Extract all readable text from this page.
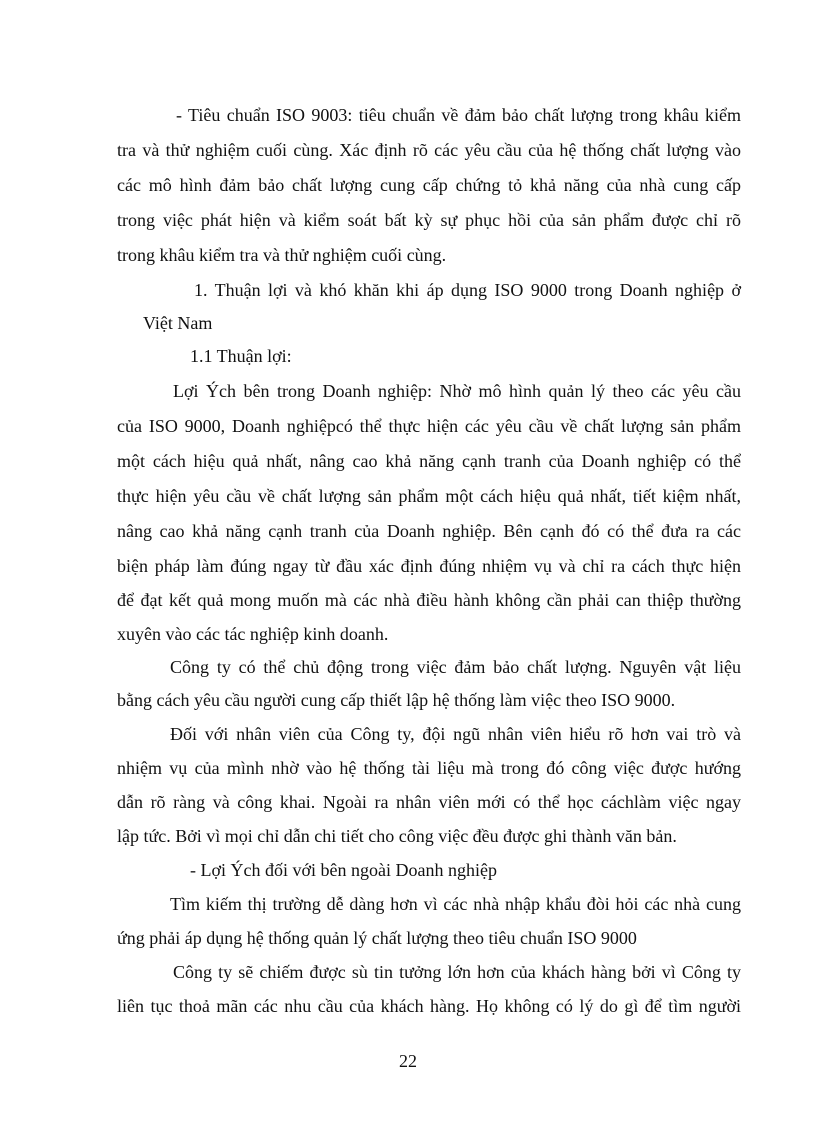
- Tiêu chuẩn ISO 9003: tiêu chuẩn về đảm bảo chất lượng trong khâu kiểm
tra và thử nghiệm cuối cùng. Xác định rõ các yêu cầu của hệ thống chất lượng vào
các mô hình đảm bảo chất lượng cung cấp chứng tỏ khả năng của nhà cung cấp
trong việc phát hiện và kiểm soát bất kỳ sự phục hồi của sản phẩm được chỉ rõ
trong khâu kiểm tra và thử nghiệm cuối cùng.
1. Thuận lợi và khó khăn khi áp dụng ISO 9000 trong Doanh nghiệp ở
Việt Nam
1.1 Thuận lợi:
Lợi Ých bên trong Doanh nghiệp: Nhờ mô hình quản lý theo các yêu cầu
của ISO 9000, Doanh nghiệpcó thể thực hiện các yêu cầu về chất lượng sản phẩm
một cách hiệu quả nhất, nâng cao khả năng cạnh tranh của Doanh nghiệp có thể
thực hiện yêu cầu về chất lượng sản phẩm một cách hiệu quả nhất, tiết kiệm nhất,
nâng cao khả năng cạnh tranh của Doanh nghiệp. Bên cạnh đó có thể đưa ra các
biện pháp làm đúng ngay từ đầu xác định đúng nhiệm vụ và chỉ ra cách thực hiện
để đạt kết quả mong muốn mà các nhà điều hành không cần phải can thiệp thường
xuyên vào các tác nghiệp kinh doanh.
Công ty có thể chủ động trong việc đảm bảo chất lượng. Nguyên vật liệu
bằng cách yêu cầu người cung cấp thiết lập hệ thống làm việc theo ISO 9000.
Đối với nhân viên của Công ty, đội ngũ nhân viên hiểu rõ hơn vai trò và
nhiệm vụ của mình nhờ vào hệ thống tài liệu mà trong đó công việc được hướng
dẫn rõ ràng và công khai. Ngoài ra nhân viên mới có thể học cáchlàm việc ngay
lập tức. Bởi vì mọi chỉ dẫn chi tiết cho công việc đều được ghi thành văn bản.
- Lợi Ých đối với bên ngoài Doanh nghiệp
Tìm kiếm thị trường dễ dàng hơn vì các nhà nhập khẩu đòi hỏi các nhà cung
ứng phải áp dụng hệ thống quản lý chất lượng theo tiêu chuẩn ISO 9000
Công ty sẽ chiếm được sù tin tưởng lớn hơn của khách hàng bởi vì Công ty
liên tục thoả mãn các nhu cầu của khách hàng. Họ không có lý do gì để tìm người
22
